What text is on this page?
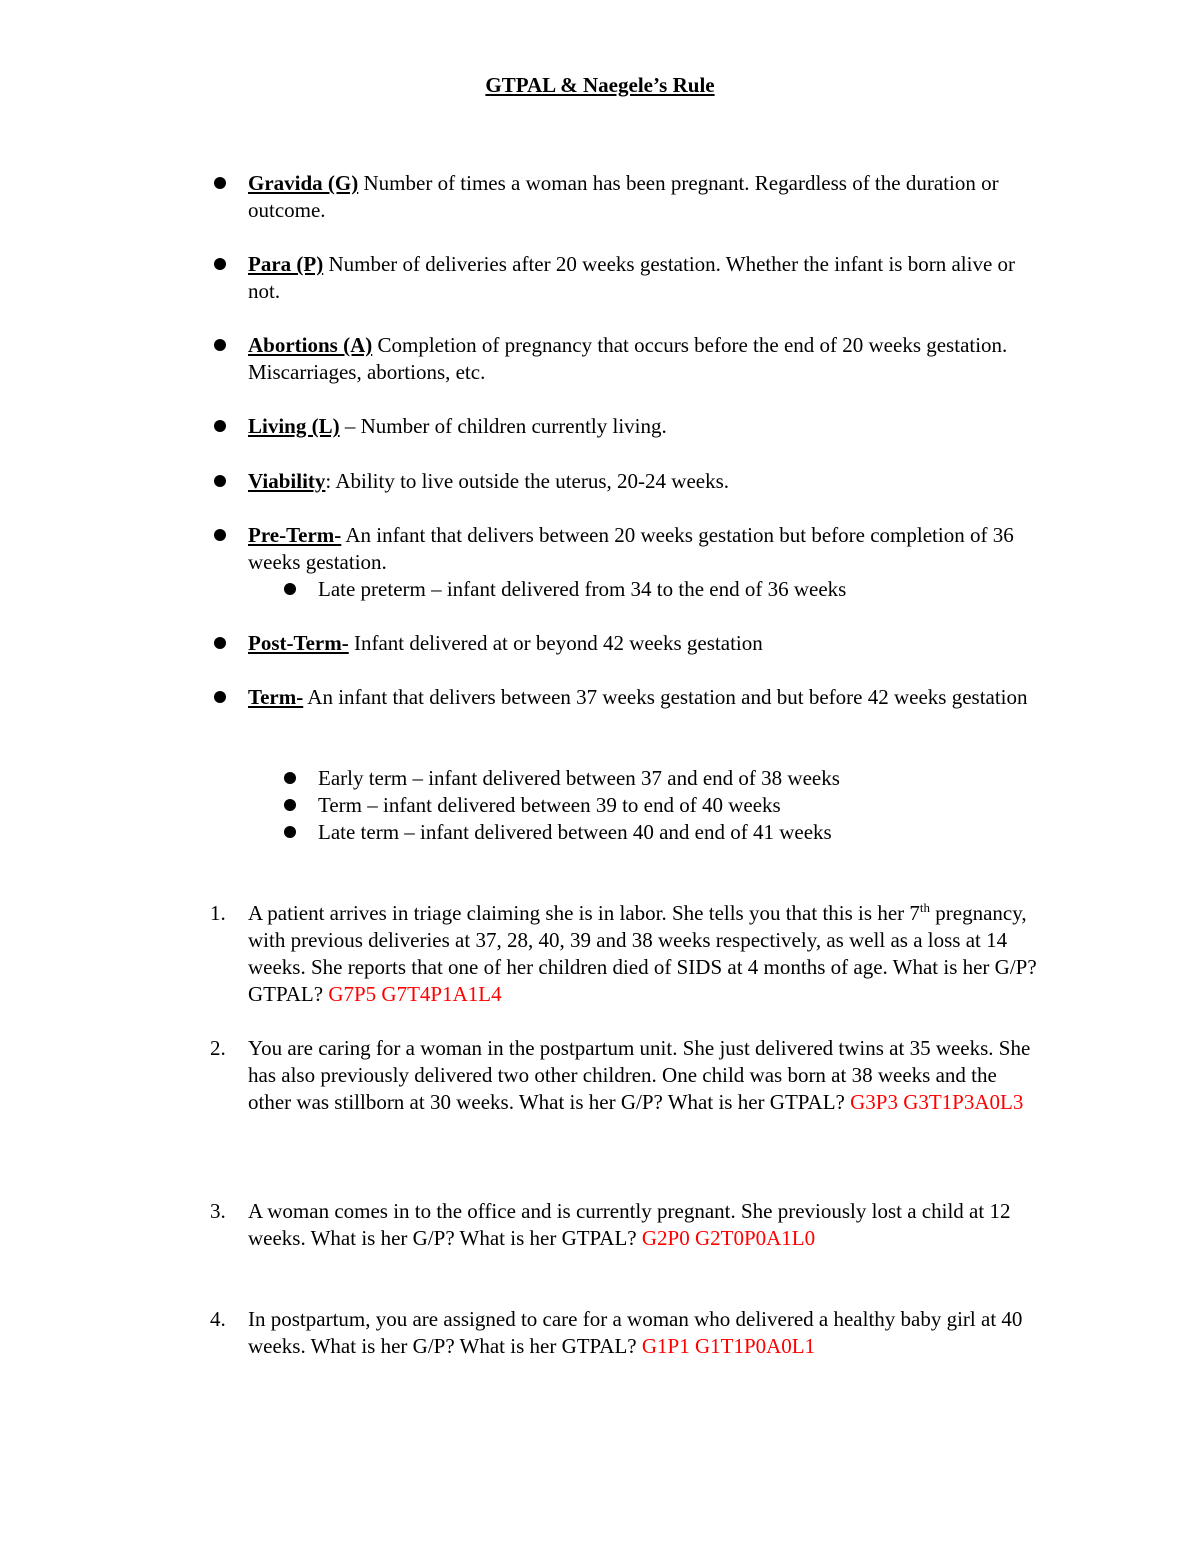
GTPAL & Naegele’s Rule
Gravida (G) Number of times a woman has been pregnant. Regardless of the duration or outcome.
Para (P) Number of deliveries after 20 weeks gestation. Whether the infant is born alive or not.
Abortions (A) Completion of pregnancy that occurs before the end of 20 weeks gestation. Miscarriages, abortions, etc.
Living (L) – Number of children currently living.
Viability: Ability to live outside the uterus, 20-24 weeks.
Pre-Term- An infant that delivers between 20 weeks gestation but before completion of 36 weeks gestation.
Late preterm – infant delivered from 34 to the end of 36 weeks
Post-Term- Infant delivered at or beyond 42 weeks gestation
Term- An infant that delivers between 37 weeks gestation and but before 42 weeks gestation
Early term – infant delivered between 37 and end of 38 weeks
Term – infant delivered between 39 to end of 40 weeks
Late term – infant delivered between 40 and end of 41 weeks
1. A patient arrives in triage claiming she is in labor. She tells you that this is her 7th pregnancy, with previous deliveries at 37, 28, 40, 39 and 38 weeks respectively, as well as a loss at 14 weeks. She reports that one of her children died of SIDS at 4 months of age. What is her G/P? GTPAL? G7P5 G7T4P1A1L4
2. You are caring for a woman in the postpartum unit. She just delivered twins at 35 weeks. She has also previously delivered two other children. One child was born at 38 weeks and the other was stillborn at 30 weeks. What is her G/P? What is her GTPAL? G3P3 G3T1P3A0L3
3. A woman comes in to the office and is currently pregnant. She previously lost a child at 12 weeks. What is her G/P? What is her GTPAL? G2P0 G2T0P0A1L0
4. In postpartum, you are assigned to care for a woman who delivered a healthy baby girl at 40 weeks. What is her G/P? What is her GTPAL? G1P1 G1T1P0A0L1
